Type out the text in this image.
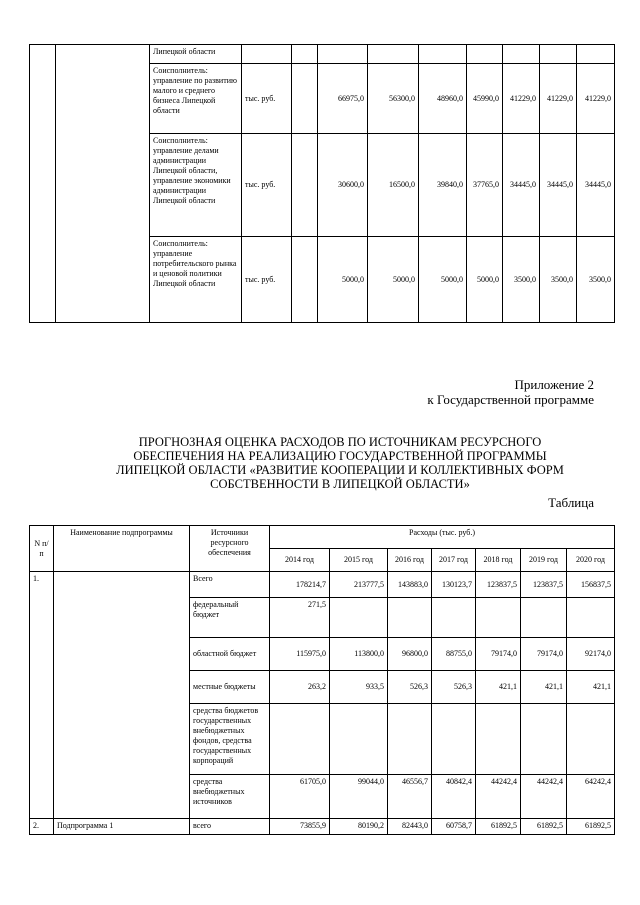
		Липецкой области									
		Соисполнитель: управление по развитию малого и среднего бизнеса Липецкой области	тыс. руб.		66975,0	56300,0	48960,0	45990,0	41229,0	41229,0	41229,0
		Соисполнитель: управление делами администрации Липецкой области, управление экономики администрации Липецкой области	тыс. руб.		30600,0	16500,0	39840,0	37765,0	34445,0	34445,0	34445,0
		Соисполнитель: управление потребительского рынка и ценовой политики Липецкой области	тыс. руб.		5000,0	5000,0	5000,0	5000,0	3500,0	3500,0	3500,0
Приложение 2
к Государственной программе
ПРОГНОЗНАЯ ОЦЕНКА РАСХОДОВ ПО ИСТОЧНИКАМ РЕСУРСНОГО
ОБЕСПЕЧЕНИЯ НА РЕАЛИЗАЦИЮ ГОСУДАРСТВЕННОЙ ПРОГРАММЫ
ЛИПЕЦКОЙ ОБЛАСТИ «РАЗВИТИЕ КООПЕРАЦИИ И КОЛЛЕКТИВНЫХ ФОРМ
СОБСТВЕННОСТИ В ЛИПЕЦКОЙ ОБЛАСТИ»
Таблица
N п/п	Наименование подпрограммы	Источники ресурсного обеспечения	Расходы (тыс. руб.)						
			2014 год	2015 год	2016 год	2017 год	2018 год	2019 год	2020 год
1.		Всего	178214,7	213777,5	143883,0	130123,7	123837,5	123837,5	156837,5
		федеральный бюджет	271,5						
		областной бюджет	115975,0	113800,0	96800,0	88755,0	79174,0	79174,0	92174,0
		местные бюджеты	263,2	933,5	526,3	526,3	421,1	421,1	421,1
		средства бюджетов государственных внебюджетных фондов, средства государственных корпораций							
		средства внебюджетных источников	61705,0	99044,0	46556,7	40842,4	44242,4	44242,4	64242,4
2.	Подпрограмма 1	всего	73855,9	80190,2	82443,0	60758,7	61892,5	61892,5	61892,5
